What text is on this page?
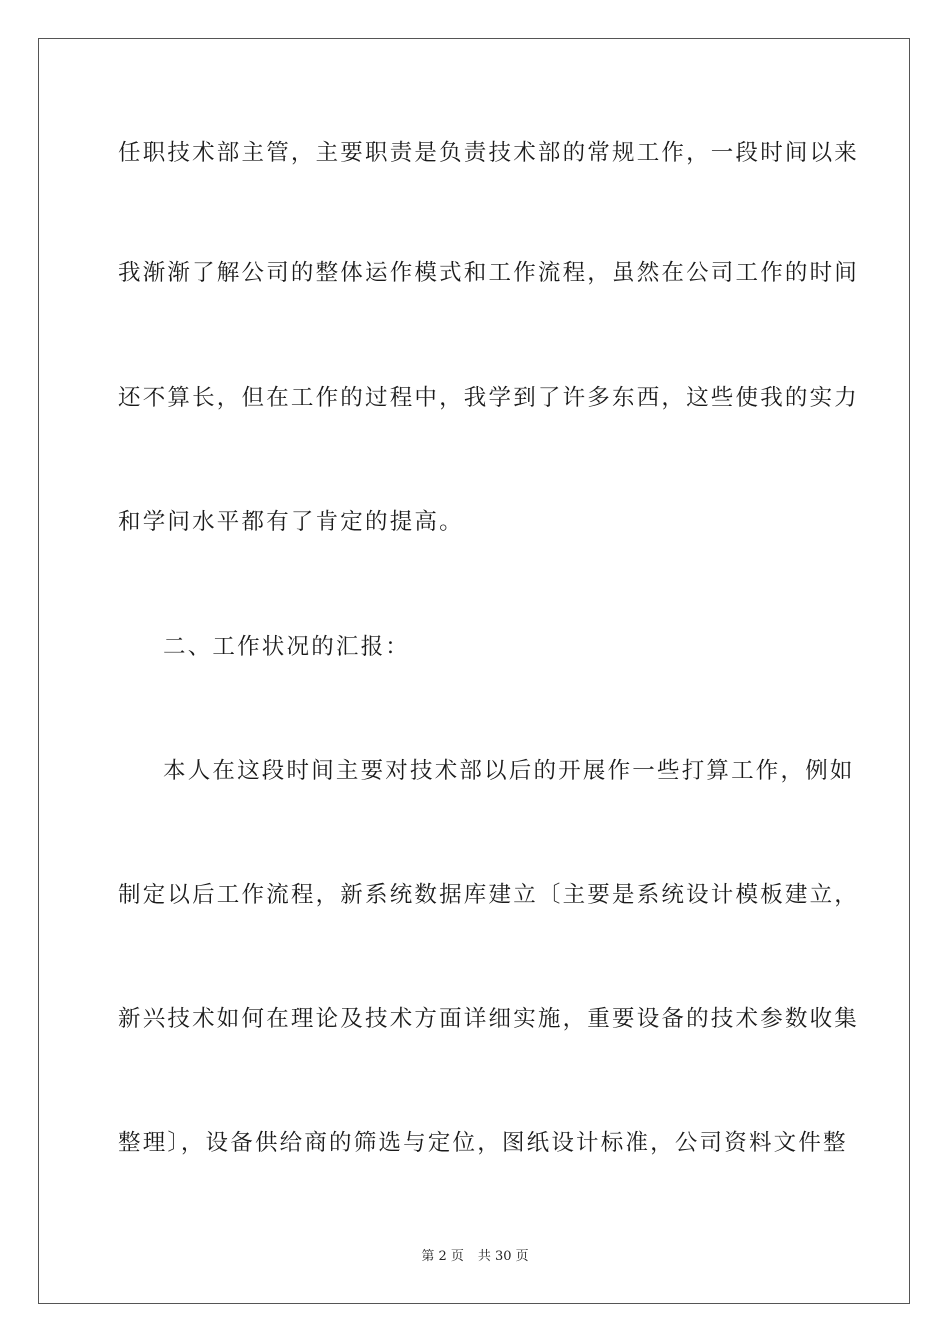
任职技术部主管，主要职责是负责技术部的常规工作，一段时间以来
我渐渐了解公司的整体运作模式和工作流程，虽然在公司工作的时间
还不算长，但在工作的过程中，我学到了许多东西，这些使我的实力
和学问水平都有了肯定的提高。
二、工作状况的汇报：
本人在这段时间主要对技术部以后的开展作一些打算工作，例如
制定以后工作流程，新系统数据库建立〔主要是系统设计模板建立，
新兴技术如何在理论及技术方面详细实施，重要设备的技术参数收集
整理〕，设备供给商的筛选与定位，图纸设计标准，公司资料文件整
第 2 页 共 30 页
